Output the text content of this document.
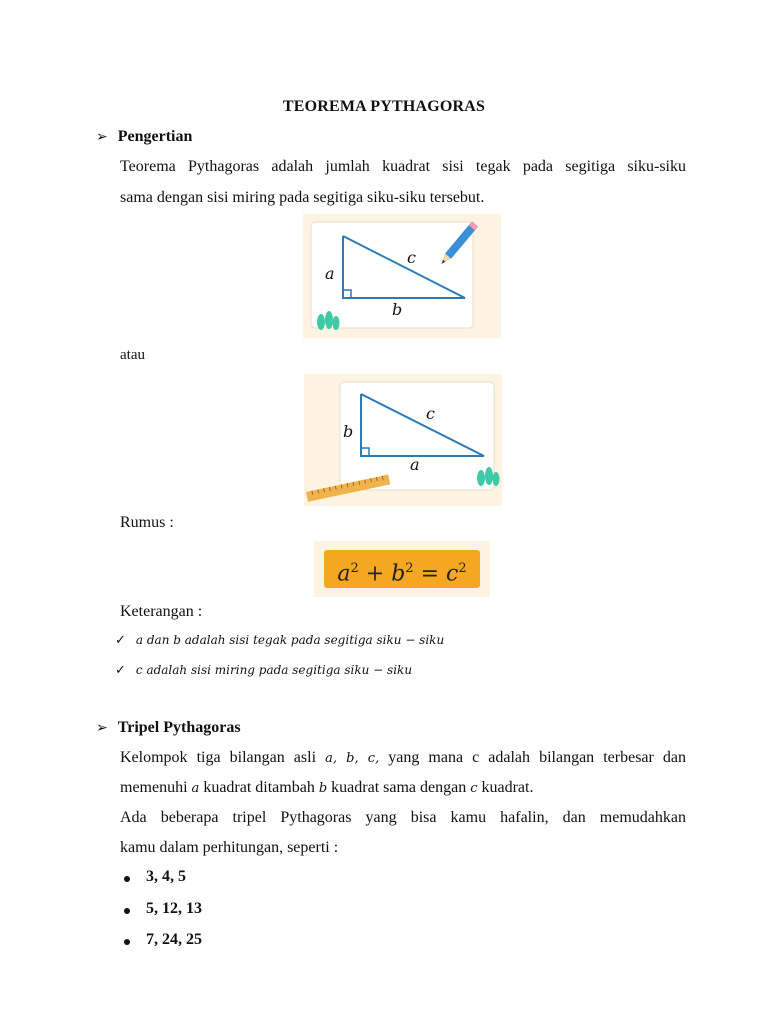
TEOREMA PYTHAGORAS
➢ Pengertian
Teorema Pythagoras adalah jumlah kuadrat sisi tegak pada segitiga siku-siku
sama dengan sisi miring pada segitiga siku-siku tersebut.
a
c
b
atau
b
c
a
Rumus :
$a^2 + b^2 = c^2$
Keterangan :
✓ a dan b adalah sisi tegak pada segitiga siku − siku
✓ c adalah sisi miring pada segitiga siku − siku
➢ Tripel Pythagoras
Kelompok tiga bilangan asli a, b, c, yang mana c adalah bilangan terbesar dan
memenuhi a kuadrat ditambah b kuadrat sama dengan c kuadrat.
Ada beberapa tripel Pythagoras yang bisa kamu hafalin, dan memudahkan
kamu dalam perhitungan, seperti :
3, 4, 5
5, 12, 13
7, 24, 25
